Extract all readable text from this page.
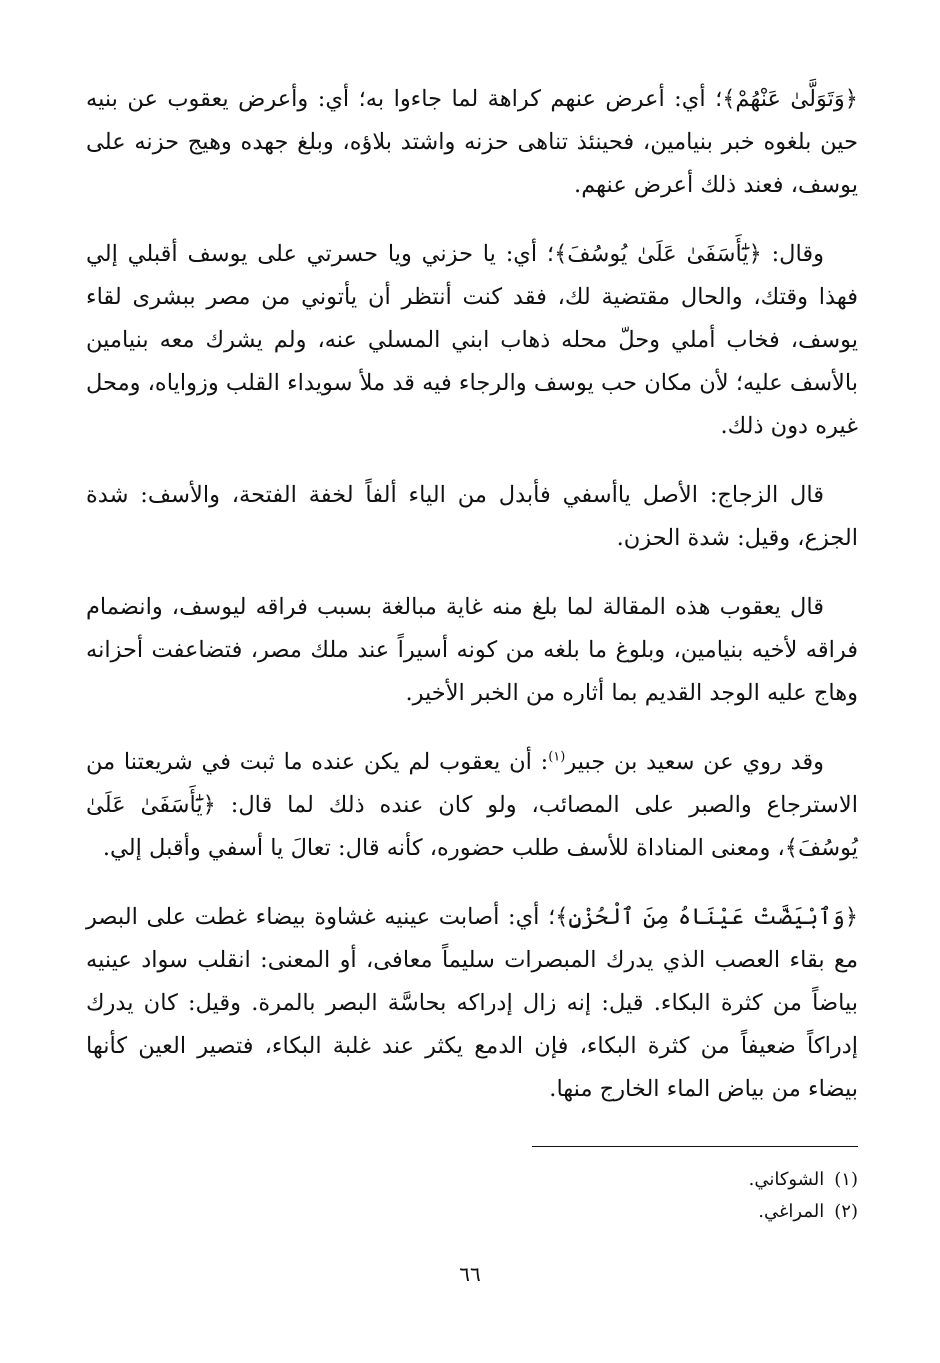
﴿وَتَوَلَّىٰ عَنْهُمْ﴾؛ أي: أعرض عنهم كراهة لما جاءوا به؛ أي: وأعرض يعقوب عن بنيه حين بلغوه خبر بنيامين، فحينئذ تناهى حزنه واشتد بلاؤه، وبلغ جهده وهيج حزنه على يوسف، فعند ذلك أعرض عنهم.

وقال: ﴿يَٰٓأَسَفَىٰ عَلَىٰ يُوسُفَ﴾؛ أي: يا حزني ويا حسرتي على يوسف أقبلي إلي فهذا وقتك، والحال مقتضية لك، فقد كنت أنتظر أن يأتوني من مصر ببشرى لقاء يوسف، فخاب أملي وحلّ محله ذهاب ابني المسلي عنه، ولم يشرك معه بنيامين بالأسف عليه؛ لأن مكان حب يوسف والرجاء فيه قد ملأ سويداء القلب وزواياه، ومحل غيره دون ذلك.

قال الزجاج: الأصل ياأسفي فأبدل من الياء ألفاً لخفة الفتحة، والأسف: شدة الجزع، وقيل: شدة الحزن.

قال يعقوب هذه المقالة لما بلغ منه غاية مبالغة بسبب فراقه ليوسف، وانضمام فراقه لأخيه بنيامين، وبلوغ ما بلغه من كونه أسيراً عند ملك مصر، فتضاعفت أحزانه وهاج عليه الوجد القديم بما أثاره من الخبر الأخير.

وقد روي عن سعيد بن جبير$^{(١)}$: أن يعقوب لم يكن عنده ما ثبت في شريعتنا من الاسترجاع والصبر على المصائب، ولو كان عنده ذلك لما قال: ﴿يَٰٓأَسَفَىٰ عَلَىٰ يُوسُفَ﴾، ومعنى المناداة للأسف طلب حضوره، كأنه قال: تعالَ يا أسفي وأقبل إلي.

﴿وَٱبْيَضَّتْ عَيْنَاهُ مِنَ ٱلْحُزْنِ﴾؛ أي: أصابت عينيه غشاوة بيضاء غطت على البصر مع بقاء العصب الذي يدرك المبصرات سليماً معافى، أو المعنى: انقلب سواد عينيه بياضاً من كثرة البكاء. قيل: إنه زال إدراكه بحاسَّة البصر بالمرة. وقيل: كان يدرك إدراكاً ضعيفاً من كثرة البكاء، فإن الدمع يكثر عند غلبة البكاء، فتصير العين كأنها بيضاء من بياض الماء الخارج منها.

(١)الشوكاني.
(٢)المراغي.
٦٦
